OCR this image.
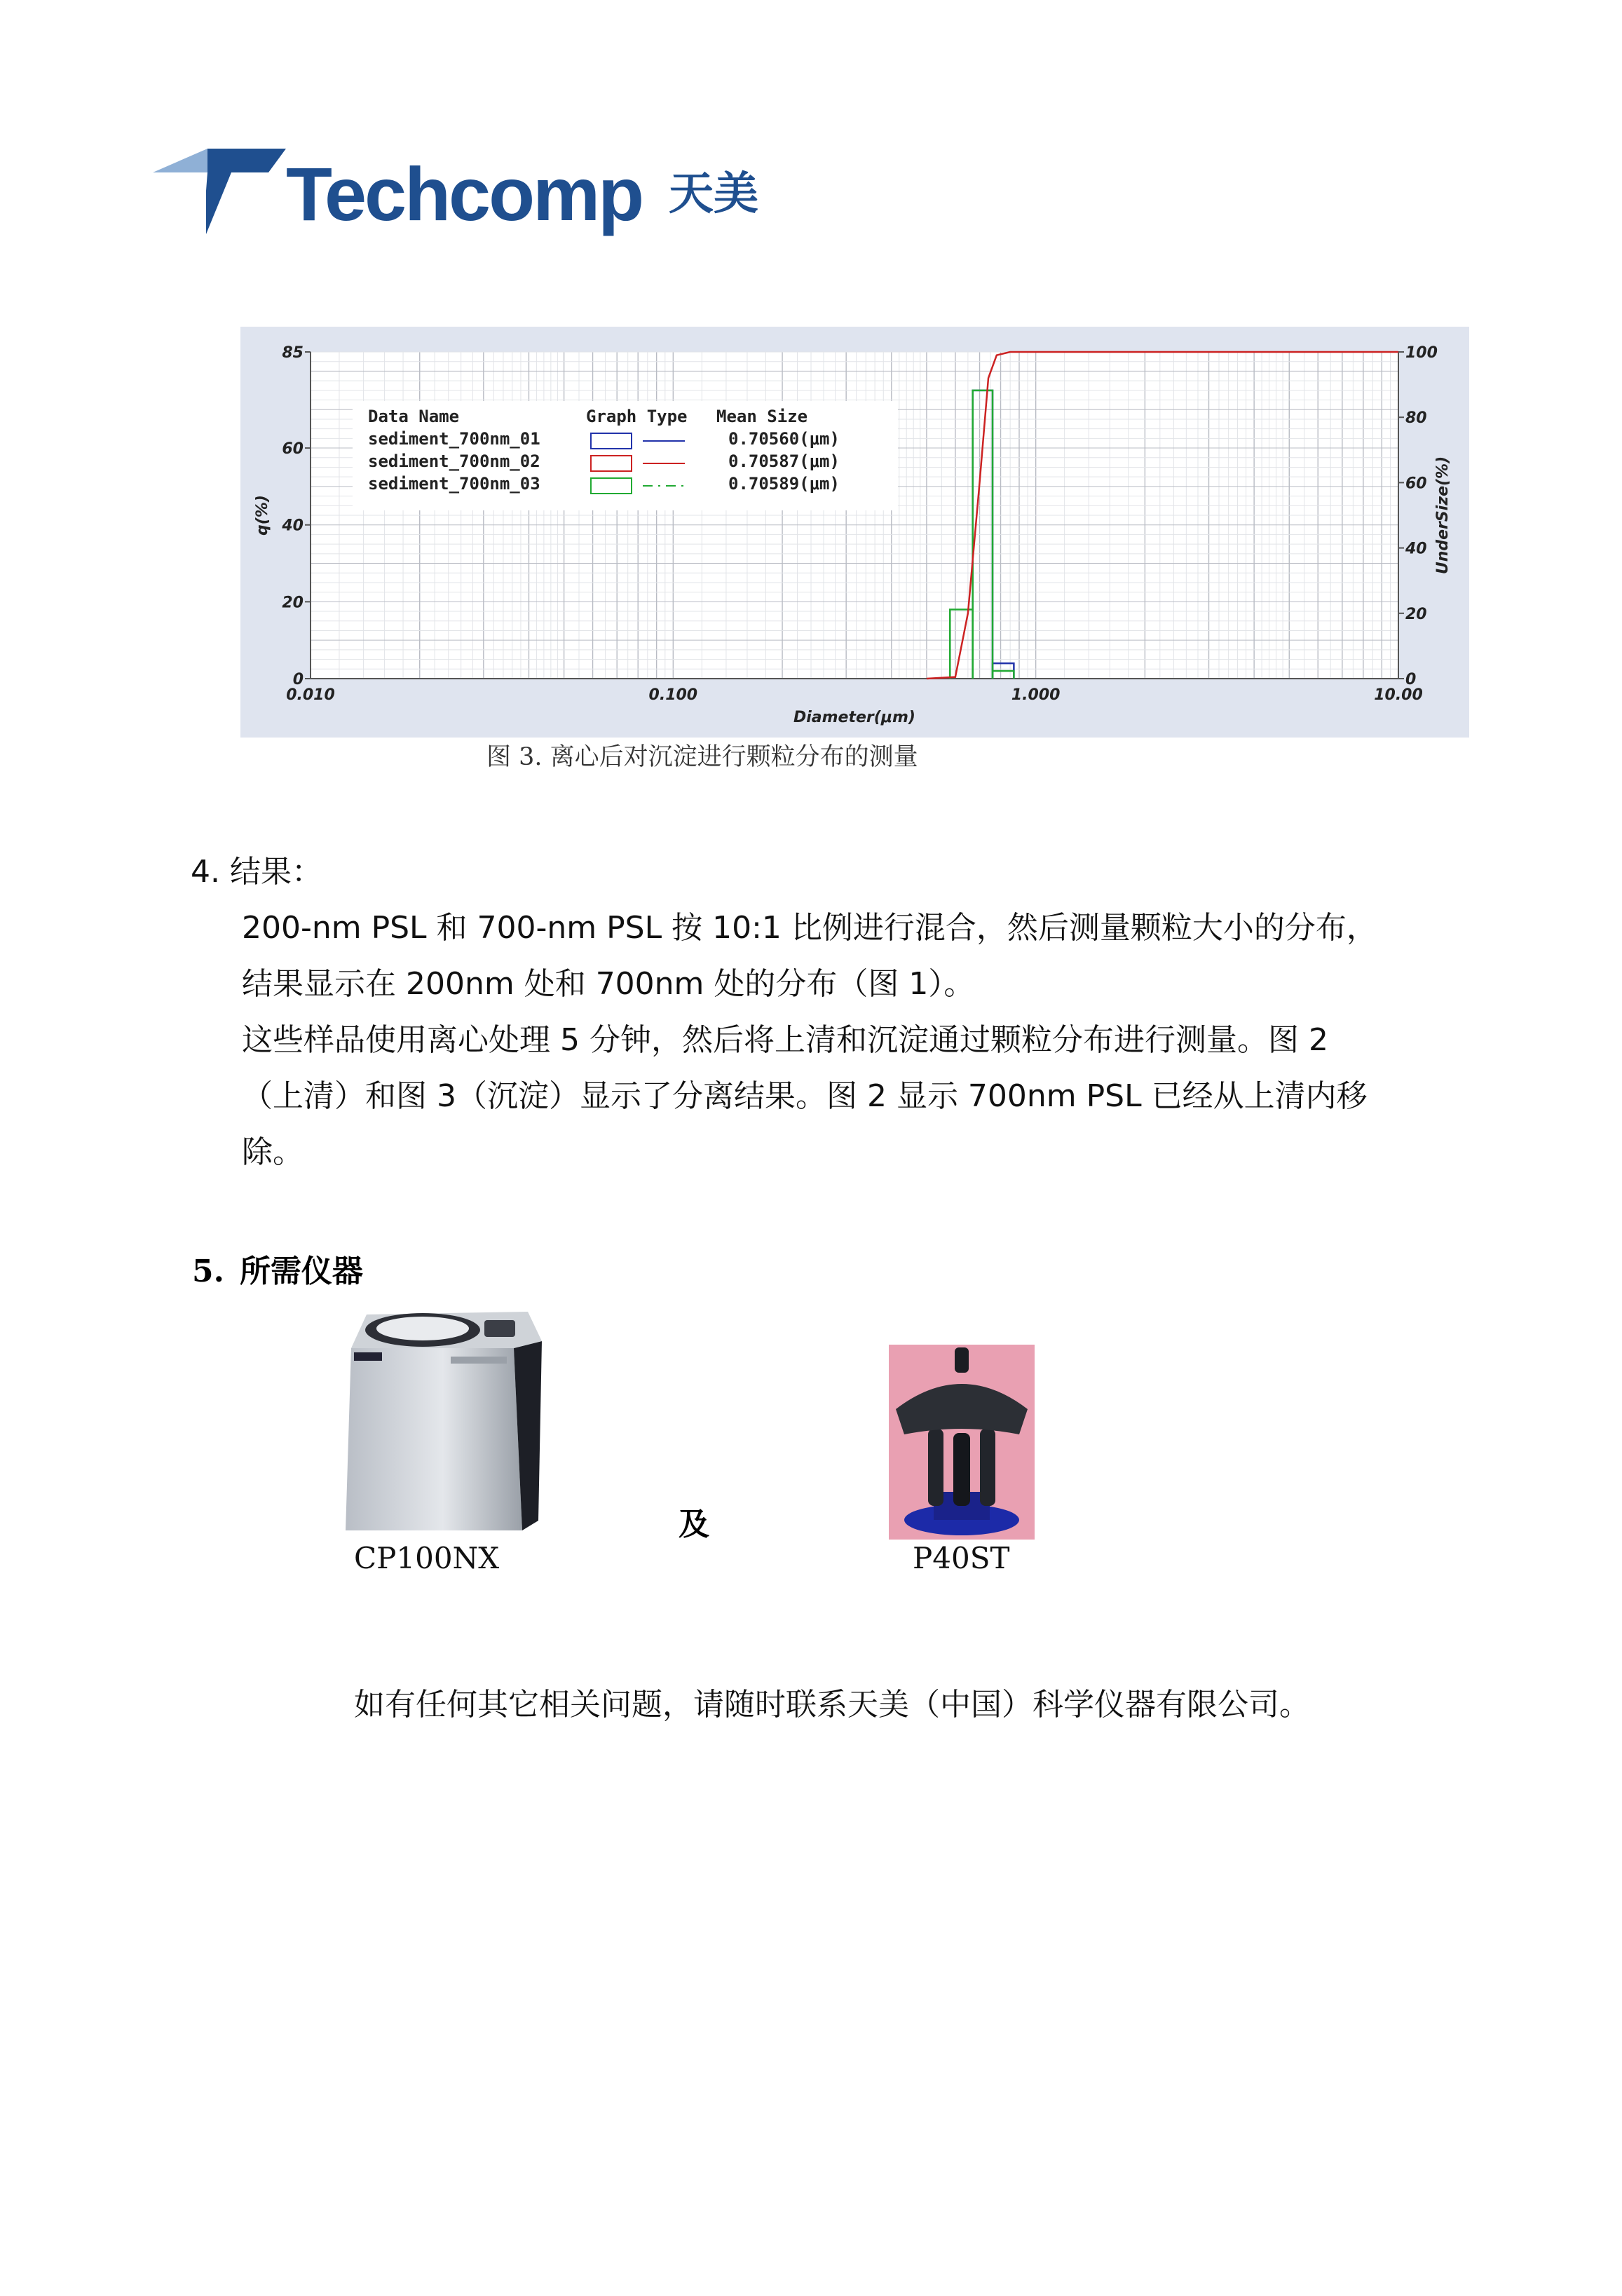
Techcomp 天美
0.010	0.100	1.000	10.00
0
20
40
60
85
0
20
40
60
80
100
Diameter(μm)
q(%)	UnderSize(%)
Data Name	Graph Type Mean Size
sediment_700nm_01	0.70560(μm)
sediment_700nm_02	0.70587(μm)
sediment_700nm_03	0.70589(μm)
图 3. 离心后对沉淀进行颗粒分布的测量
4. 结果：
200-nm PSL 和 700-nm PSL 按 10:1 比例进行混合，然后测量颗粒大小的分布，
结果显示在 200nm 处和 700nm 处的分布（图 1）。
这些样品使用离心处理 5 分钟，然后将上清和沉淀通过颗粒分布进行测量。图 2
（上清）和图 3（沉淀）显示了分离结果。图 2 显示 700nm PSL 已经从上清内移
除。
5. 所需仪器
CP100NX
及
P40ST
如有任何其它相关问题，请随时联系天美（中国）科学仪器有限公司。
